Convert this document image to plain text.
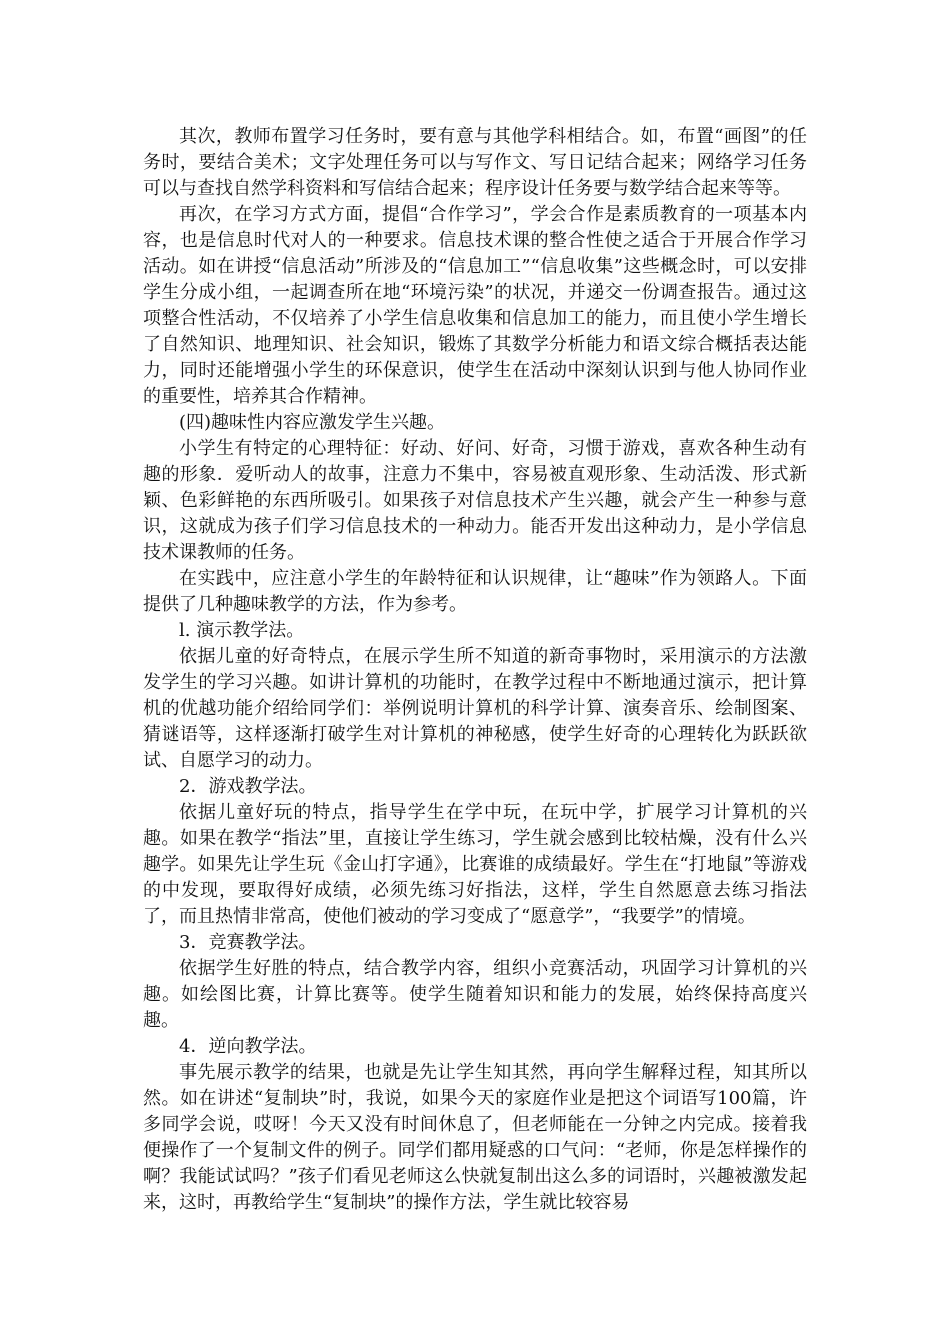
其次，教师布置学习任务时，要有意与其他学科相结合。如，布置“画图”的任务时，要结合美术；文字处理任务可以与写作文、写日记结合起来；网络学习任务可以与查找自然学科资料和写信结合起来；程序设计任务要与数学结合起来等等。

再次，在学习方式方面，提倡“合作学习”，学会合作是素质教育的一项基本内容，也是信息时代对人的一种要求。信息技术课的整合性使之适合于开展合作学习活动。如在讲授“信息活动”所涉及的“信息加工”“信息收集”这些概念时，可以安排学生分成小组，一起调查所在地“环境污染”的状况，并递交一份调查报告。通过这项整合性活动，不仅培养了小学生信息收集和信息加工的能力，而且使小学生增长了自然知识、地理知识、社会知识，锻炼了其数学分析能力和语文综合概括表达能力，同时还能增强小学生的环保意识，使学生在活动中深刻认识到与他人协同作业的重要性，培养其合作精神。

(四)趣味性内容应激发学生兴趣。

小学生有特定的心理特征：好动、好问、好奇，习惯于游戏，喜欢各种生动有趣的形象．爱听动人的故事，注意力不集中，容易被直观形象、生动活泼、形式新颖、色彩鲜艳的东西所吸引。如果孩子对信息技术产生兴趣，就会产生一种参与意识，这就成为孩子们学习信息技术的一种动力。能否开发出这种动力，是小学信息技术课教师的任务。

在实践中，应注意小学生的年龄特征和认识规律，让“趣味”作为领路人。下面提供了几种趣味教学的方法，作为参考。

l. 演示教学法。

依据儿童的好奇特点，在展示学生所不知道的新奇事物时，采用演示的方法激发学生的学习兴趣。如讲计算机的功能时，在教学过程中不断地通过演示，把计算机的优越功能介绍给同学们：举例说明计算机的科学计算、演奏音乐、绘制图案、猜谜语等，这样逐渐打破学生对计算机的神秘感，使学生好奇的心理转化为跃跃欲试、自愿学习的动力。

2．游戏教学法。

依据儿童好玩的特点，指导学生在学中玩，在玩中学，扩展学习计算机的兴趣。如果在教学“指法”里，直接让学生练习，学生就会感到比较枯燥，没有什么兴趣学。如果先让学生玩《金山打字通》，比赛谁的成绩最好。学生在“打地鼠”等游戏的中发现，要取得好成绩，必须先练习好指法，这样，学生自然愿意去练习指法了，而且热情非常高，使他们被动的学习变成了“愿意学”，“我要学”的情境。

3．竞赛教学法。

依据学生好胜的特点，结合教学内容，组织小竞赛活动，巩固学习计算机的兴趣。如绘图比赛，计算比赛等。使学生随着知识和能力的发展，始终保持高度兴趣。

4．逆向教学法。

事先展示教学的结果，也就是先让学生知其然，再向学生解释过程，知其所以然。如在讲述“复制块”时，我说，如果今天的家庭作业是把这个词语写100篇，许多同学会说，哎呀！今天又没有时间休息了，但老师能在一分钟之内完成。接着我便操作了一个复制文件的例子。同学们都用疑惑的口气问：“老师，你是怎样操作的啊？我能试试吗？”孩子们看见老师这么快就复制出这么多的词语时，兴趣被激发起来，这时，再教给学生“复制块”的操作方法，学生就比较容易
